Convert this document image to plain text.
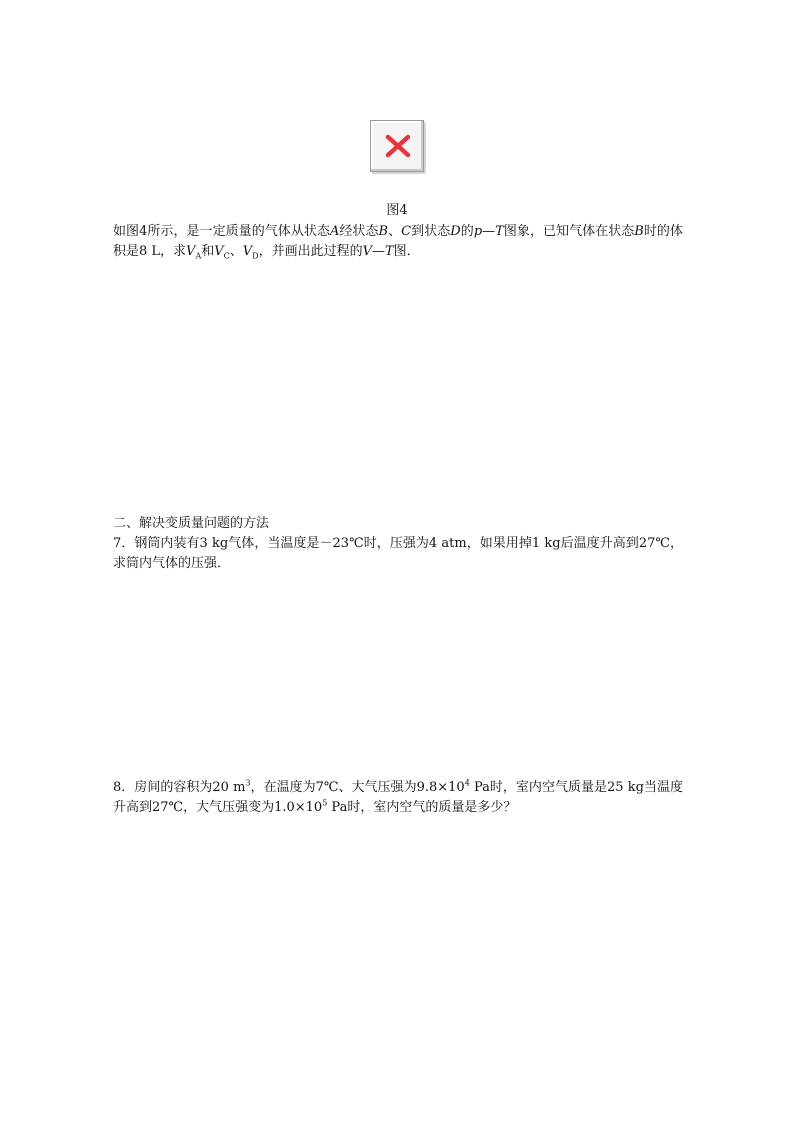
图4

如图4所示，是一定质量的气体从状态A经状态B、C到状态D的p—T图象，已知气体在状态B时的体积是8 L，求$V_A$和$V_C$、$V_D$，并画出此过程的V—T图．

二、解决变质量问题的方法

7．钢筒内装有3 kg气体，当温度是－23℃时，压强为4 atm，如果用掉1 kg后温度升高到27℃，求筒内气体的压强．

8．房间的容积为20 $m^3$，在温度为7℃、大气压强为$9.8\times 10^4$ Pa时，室内空气质量是25 kg当温度升高到27℃，大气压强变为$1.0\times 10^5$ Pa时，室内空气的质量是多少？
